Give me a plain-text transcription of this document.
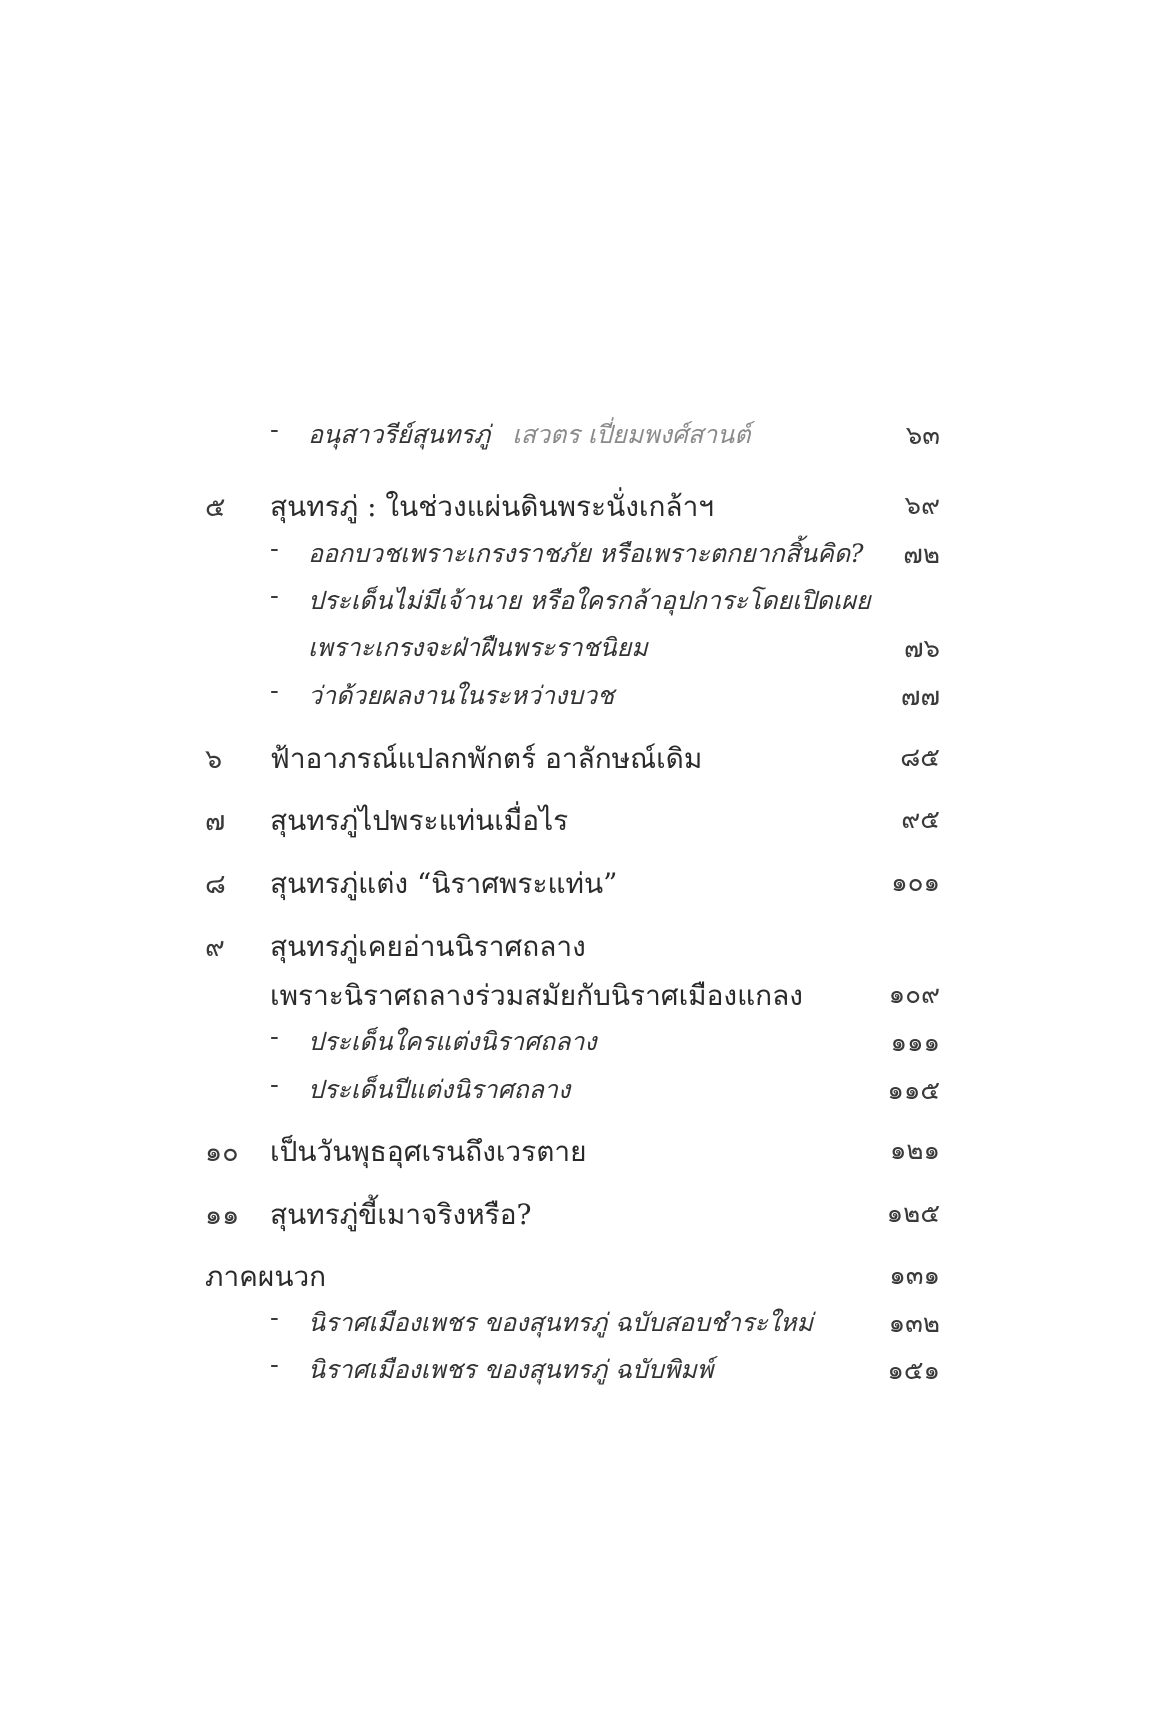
- อนุสาวรีย์สุนทรภู่ เสวตร เปี่ยมพงศ์สานต์	๖๓
๕ สุนทรภู่ : ในช่วงแผ่นดินพระนั่งเกล้าฯ	๖๙
- ออกบวชเพราะเกรงราชภัย หรือเพราะตกยากสิ้นคิด? ๗๒
- ประเด็นไม่มีเจ้านาย หรือใครกล้าอุปการะโดยเปิดเผย
เพราะเกรงจะฝ่าฝืนพระราชนิยม	๗๖
- ว่าด้วยผลงานในระหว่างบวช	๗๗
๖ ฟ้าอาภรณ์แปลกพักตร์ อาลักษณ์เดิม	๘๕
๗ สุนทรภู่ไปพระแท่นเมื่อไร	๙๕
๘ สุนทรภู่แต่ง “นิราศพระแท่น”	๑๐๑
๙ สุนทรภู่เคยอ่านนิราศถลาง
เพราะนิราศถลางร่วมสมัยกับนิราศเมืองแกลง	๑๐๙
- ประเด็นใครแต่งนิราศถลาง	๑๑๑
- ประเด็นปีแต่งนิราศถลาง	๑๑๕
๑๐ เป็นวันพุธอุศเรนถึงเวรตาย	๑๒๑
๑๑ สุนทรภู่ขี้เมาจริงหรือ?	๑๒๕
ภาคผนวก	๑๓๑
- นิราศเมืองเพชร ของสุนทรภู่ ฉบับสอบชำระใหม่	๑๓๒
- นิราศเมืองเพชร ของสุนทรภู่ ฉบับพิมพ์	๑๕๑
